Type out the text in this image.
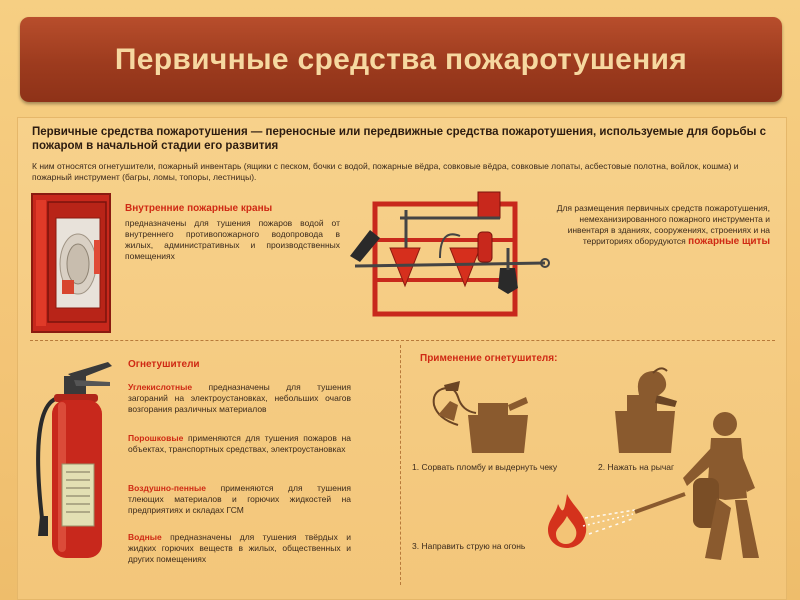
Первичные средства пожаротушения
Первичные средства пожаротушения — переносные или передвижные средства пожаротушения, используемые для борьбы с пожаром в начальной стадии его развития
К ним относятся огнетушители, пожарный инвентарь (ящики с песком, бочки с водой, пожарные вёдра, совковые вёдра, совковые лопаты, асбестовые полотна, войлок, кошма) и пожарный инструмент (багры, ломы, топоры, лестницы).
Внутренние пожарные краны
предназначены для тушения пожаров водой от внутреннего противопожарного водопровода в жилых, административных и производственных помещениях
Для размещения первичных средств пожаротушения, немеханизированного пожарного инструмента и инвентаря в зданиях, сооружениях, строениях и на территориях оборудуются пожарные щиты
Огнетушители
Углекислотные предназначены для тушения загораний на электроустановках, небольших очагов возгорания различных материалов
Порошковые применяются для тушения пожаров на объектах, транспортных средствах, электроустановках
Воздушно-пенные применяются для тушения тлеющих материалов и горючих жидкостей на предприятиях и складах ГСМ
Водные предназначены для тушения твёрдых и жидких горючих веществ в жилых, общественных и других помещениях
Применение огнетушителя:
1. Сорвать пломбу и выдернуть чеку	2. Нажать на рычаг
3. Направить струю на огонь
